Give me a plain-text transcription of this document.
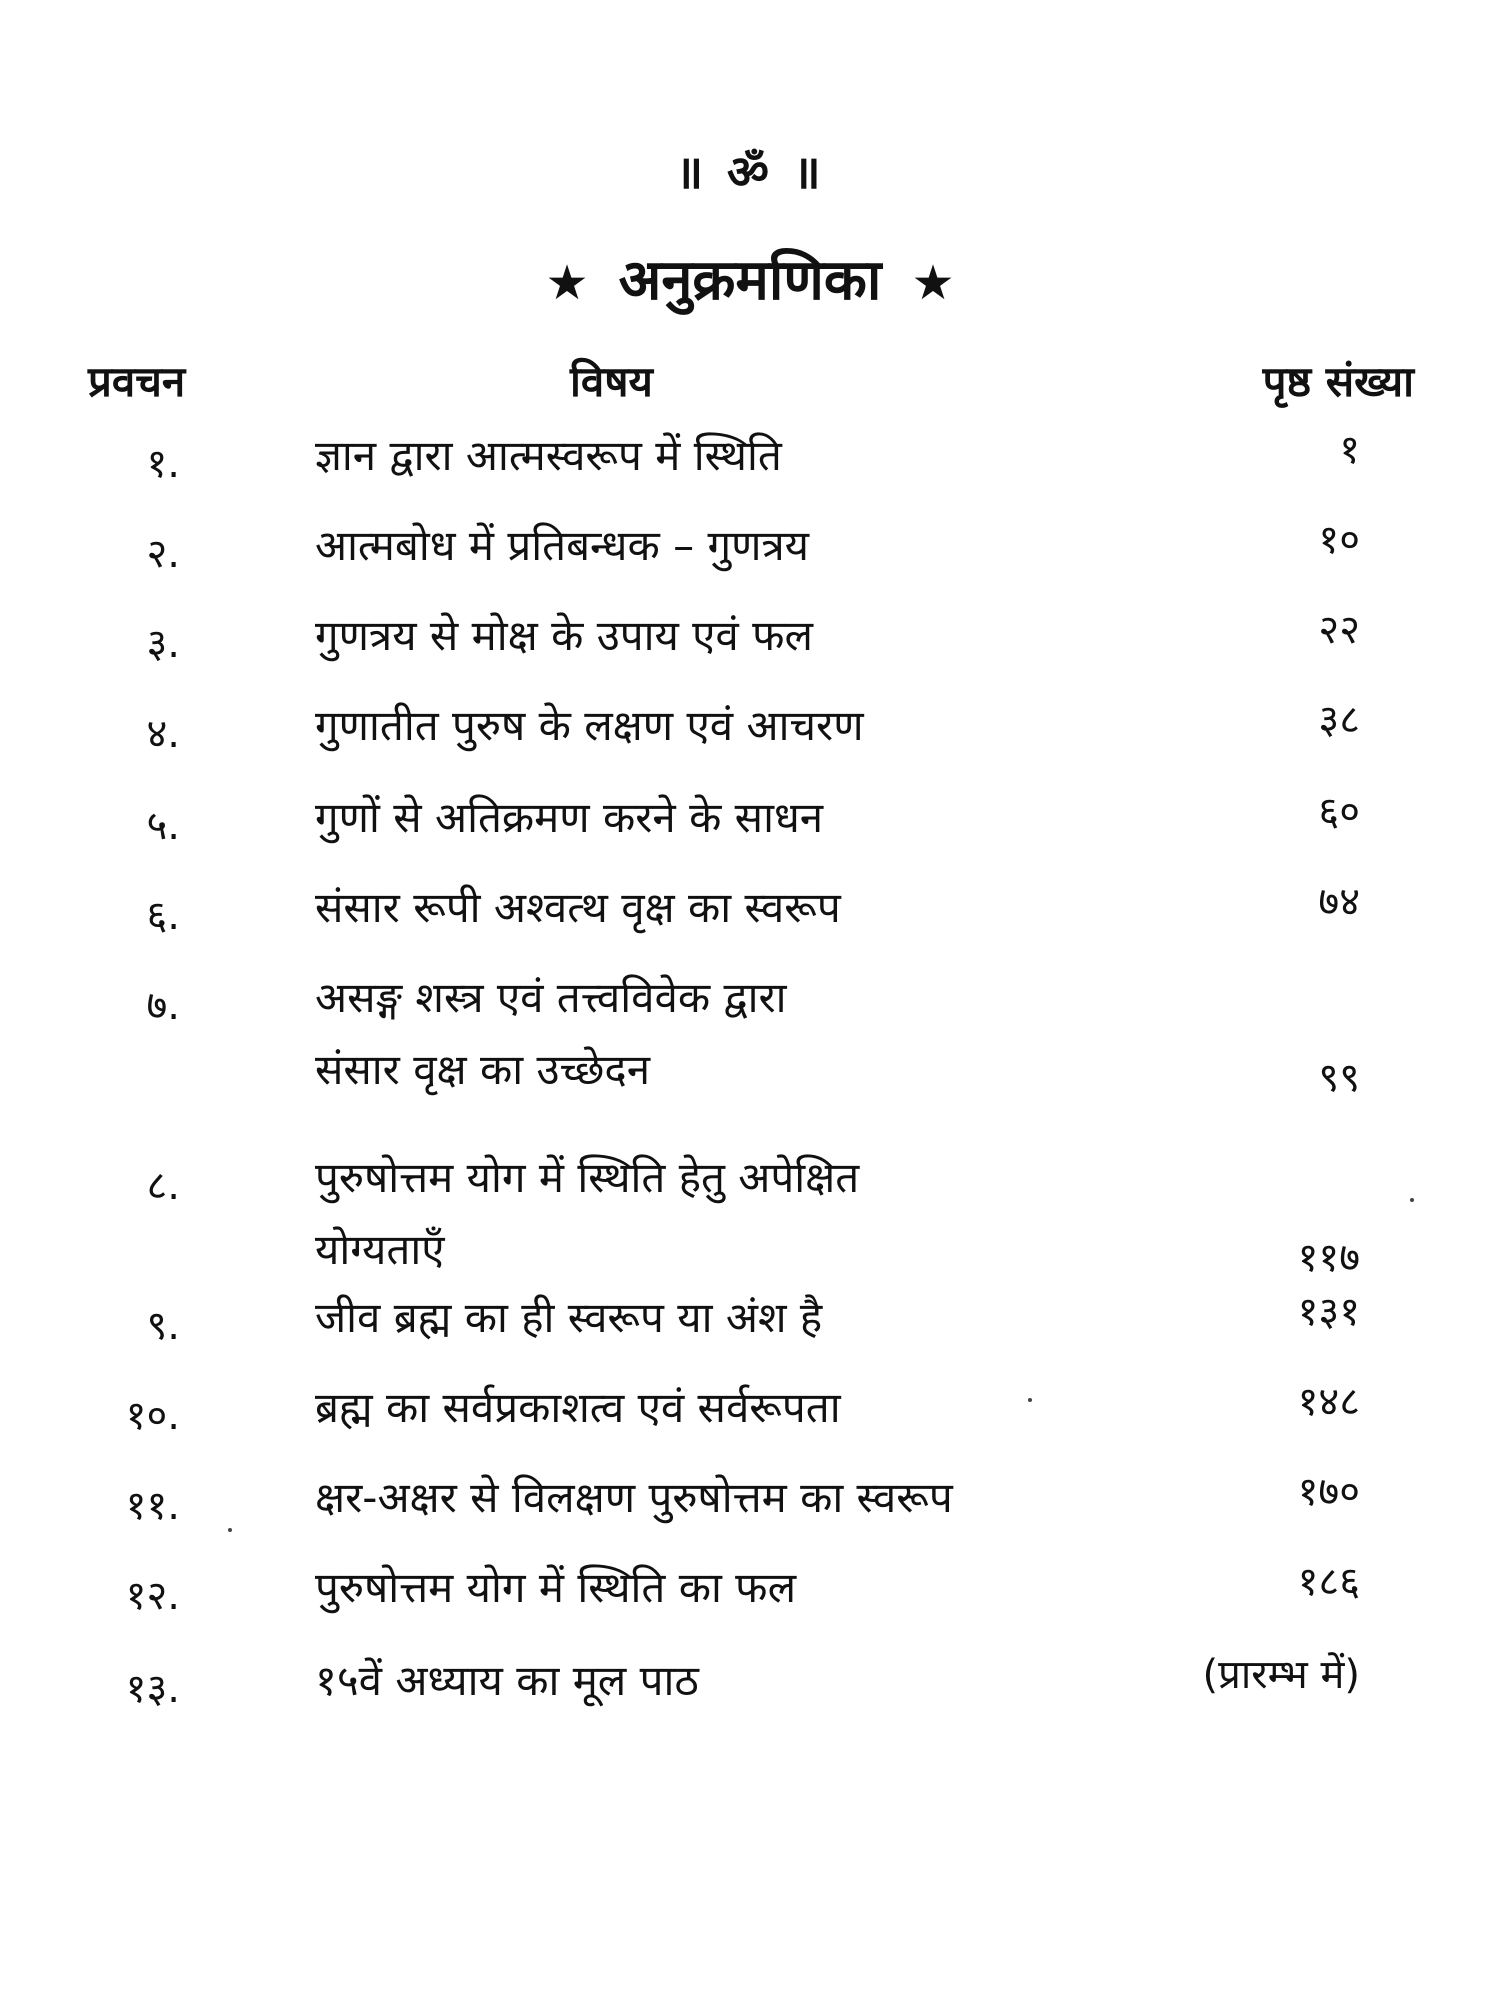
॥ ॐ ॥
★ अनुक्रमणिका ★
प्रवचन	विषय	पृष्ठ संख्या
१.	ज्ञान द्वारा आत्मस्वरूप में स्थिति	१
२.	आत्मबोध में प्रतिबन्धक – गुणत्रय	१०
३.	गुणत्रय से मोक्ष के उपाय एवं फल	२२
४.	गुणातीत पुरुष के लक्षण एवं आचरण	३८
५.	गुणों से अतिक्रमण करने के साधन	६०
६.	संसार रूपी अश्वत्थ वृक्ष का स्वरूप	७४
७.	असङ्ग शस्त्र एवं तत्त्वविवेक द्वारा
संसार वृक्ष का उच्छेदन	९९
८.	पुरुषोत्तम योग में स्थिति हेतु अपेक्षित
योग्यताएँ	११७
९.	जीव ब्रह्म का ही स्वरूप या अंश है	१३१
१०.	ब्रह्म का सर्वप्रकाशत्व एवं सर्वरूपता	१४८
११.	क्षर-अक्षर से विलक्षण पुरुषोत्तम का स्वरूप	१७०
१२.	पुरुषोत्तम योग में स्थिति का फल	१८६
१३.	१५वें अध्याय का मूल पाठ	(प्रारम्भ में)
